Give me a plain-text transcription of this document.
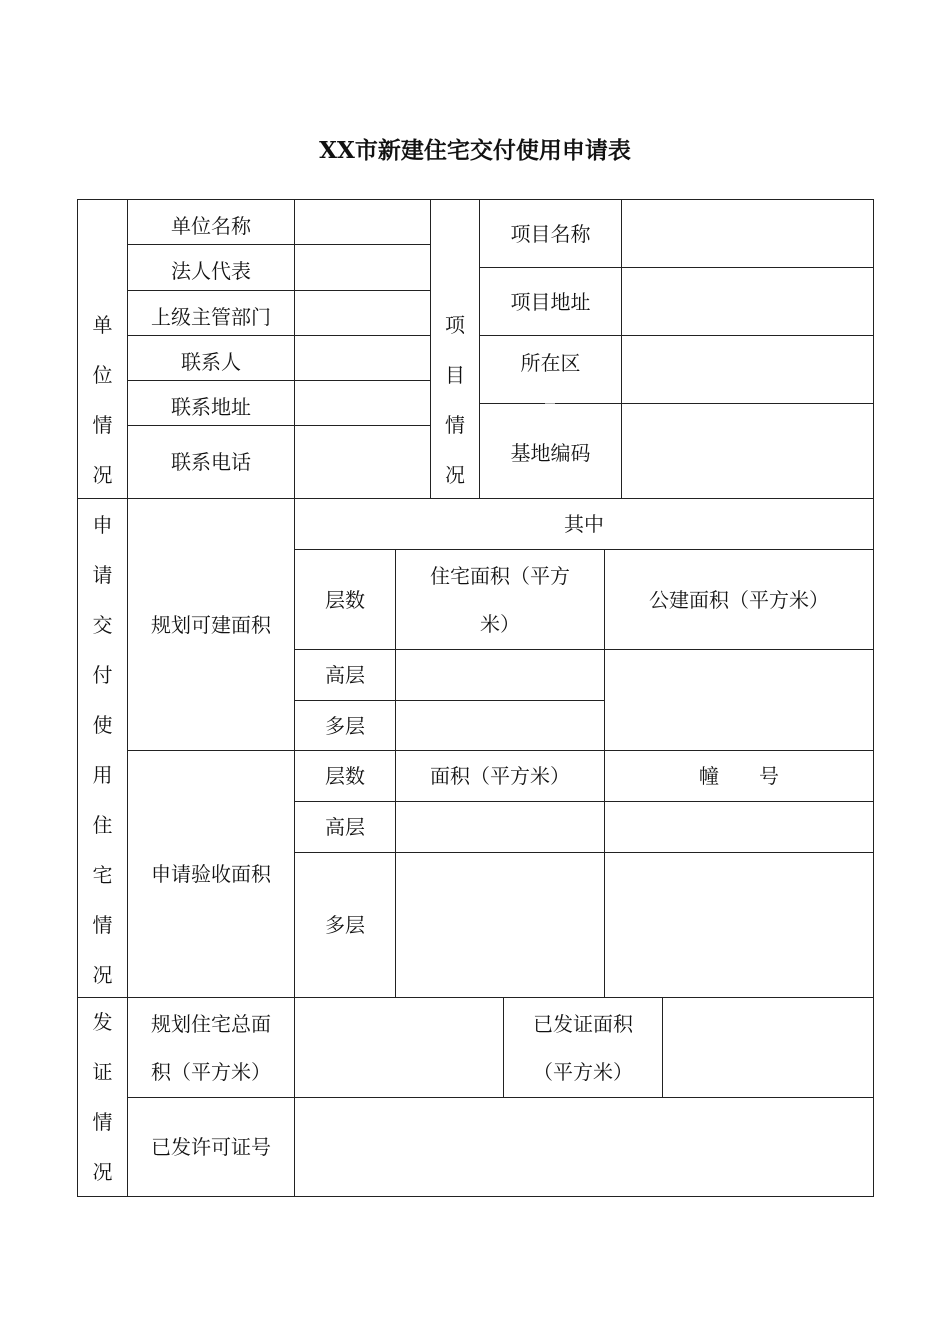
XX市新建住宅交付使用申请表
单
位
情
况
单位名称
法人代表
上级主管部门
联系人
联系地址
联系电话
项
目
情
况
项目名称
项目地址
所在区
基地编码
申
请
交
付
使
用
住
宅
情
况
规划可建面积
其中
层数
住宅面积（平方
米）
公建面积（平方米）
高层
多层
申请验收面积
层数	面积（平方米）	幢　　号
高层
多层
发
证
情
况
规划住宅总面
积（平方米）
已发证面积
（平方米）
已发许可证号
